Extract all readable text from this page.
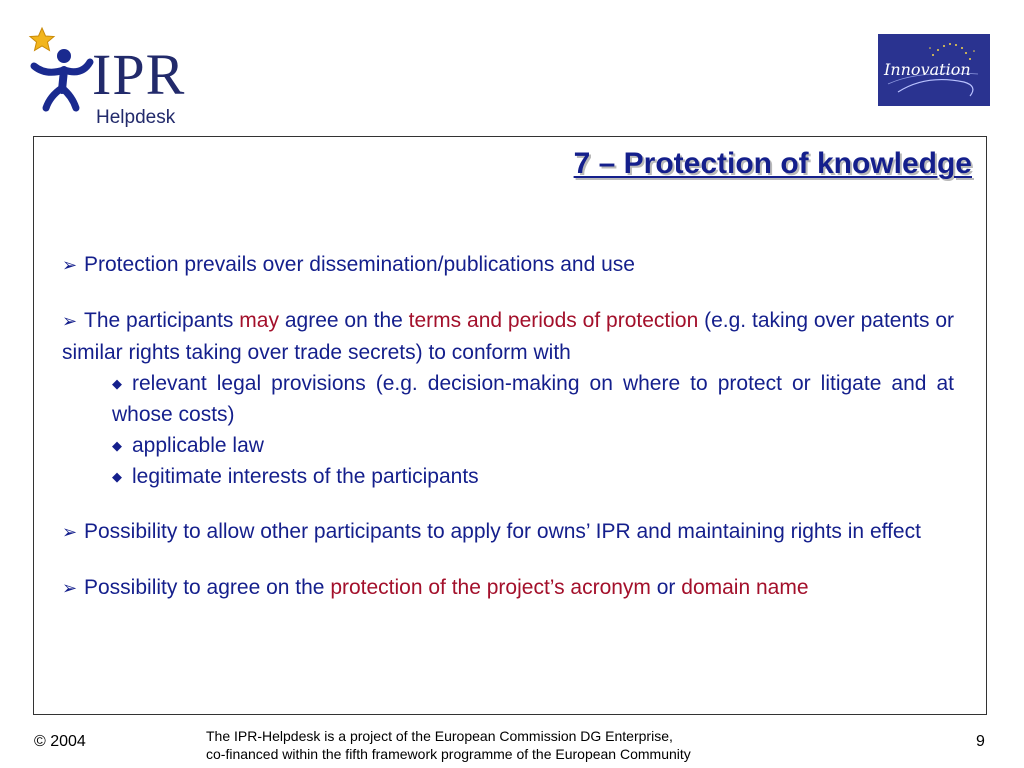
IPR
Helpdesk
Innovation
7 – Protection of knowledge

➢ Protection prevails over dissemination/publications and use

➢ The participants may agree on the terms and periods of protection (e.g. taking over patents or similar rights taking over trade secrets) to conform with

◆ relevant legal provisions (e.g. decision-making on where to protect or litigate and at whose costs)

◆ applicable law

◆ legitimate interests of the participants

➢ Possibility to allow other participants to apply for owns’ IPR and maintaining rights in effect

➢ Possibility to agree on the protection of the project’s acronym or domain name

© 2004	The IPR-Helpdesk is a project of the European Commission DG Enterprise,
co-financed within the fifth framework programme of the European Community
9
